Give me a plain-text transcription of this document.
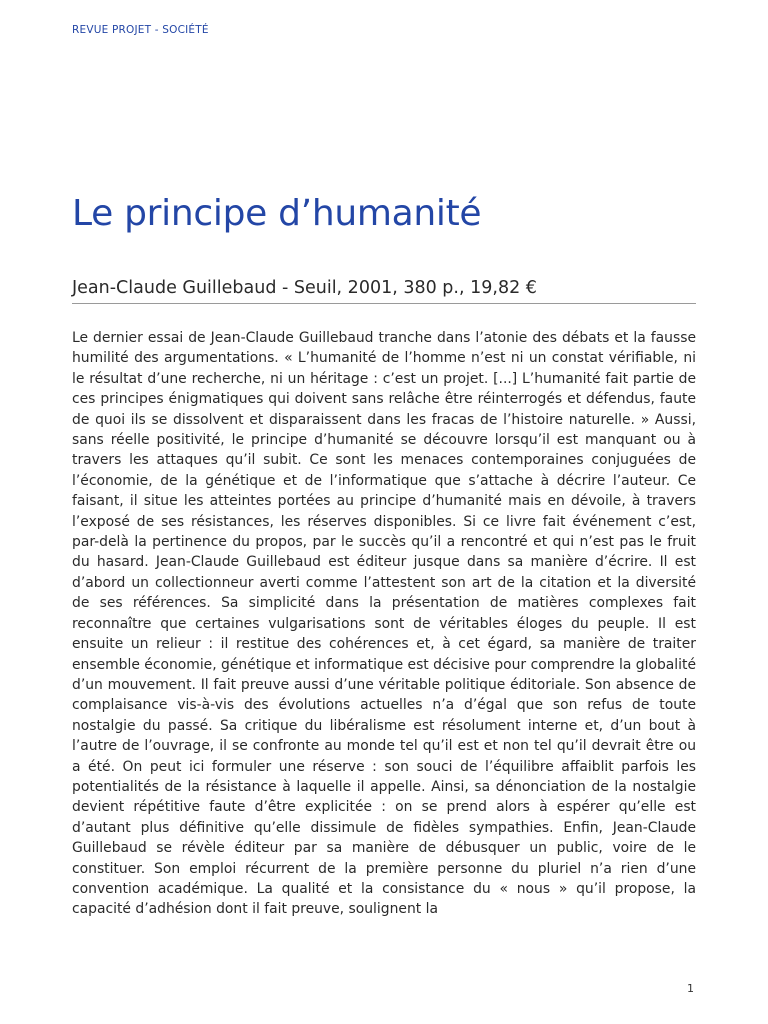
REVUE PROJET - SOCIÉTÉ
Le principe d’humanité
Jean-Claude Guillebaud - Seuil, 2001, 380 p., 19,82 €

Le dernier essai de Jean-Claude Guillebaud tranche dans l’atonie des débats et la fausse humilité des argumentations. « L’humanité de l’homme n’est ni un constat vérifiable, ni le résultat d’une recherche, ni un héritage : c’est un projet. [...] L’humanité fait partie de ces principes énigmatiques qui doivent sans relâche être réinterrogés et défendus, faute de quoi ils se dissolvent et disparaissent dans les fracas de l’histoire naturelle. » Aussi, sans réelle positivité, le principe d’humanité se découvre lorsqu’il est manquant ou à travers les attaques qu’il subit. Ce sont les menaces contemporaines conjuguées de l’économie, de la génétique et de l’informatique que s’attache à décrire l’auteur. Ce faisant, il situe les atteintes portées au principe d’humanité mais en dévoile, à travers l’exposé de ses résistances, les réserves disponibles. Si ce livre fait événement c’est, par-delà la pertinence du propos, par le succès qu’il a rencontré et qui n’est pas le fruit du hasard. Jean-Claude Guillebaud est éditeur jusque dans sa manière d’écrire. Il est d’abord un collectionneur averti comme l’attestent son art de la citation et la diversité de ses références. Sa simplicité dans la présentation de matières complexes fait reconnaître que certaines vulgarisations sont de véritables éloges du peuple. Il est ensuite un relieur : il restitue des cohérences et, à cet égard, sa manière de traiter ensemble économie, génétique et informatique est décisive pour comprendre la globalité d’un mouvement. Il fait preuve aussi d’une véritable politique éditoriale. Son absence de complaisance vis-à-vis des évolutions actuelles n’a d’égal que son refus de toute nostalgie du passé. Sa critique du libéralisme est résolument interne et, d’un bout à l’autre de l’ouvrage, il se confronte au monde tel qu’il est et non tel qu’il devrait être ou a été. On peut ici formuler une réserve : son souci de l’équilibre affaiblit parfois les potentialités de la résistance à laquelle il appelle. Ainsi, sa dénonciation de la nostalgie devient répétitive faute d’être explicitée : on se prend alors à espérer qu’elle est d’autant plus définitive qu’elle dissimule de fidèles sympathies. Enfin, Jean-Claude Guillebaud se révèle éditeur par sa manière de débusquer un public, voire de le constituer. Son emploi récurrent de la première personne du pluriel n’a rien d’une convention académique. La qualité et la consistance du « nous » qu’il propose, la capacité d’adhésion dont il fait preuve, soulignent la

1
